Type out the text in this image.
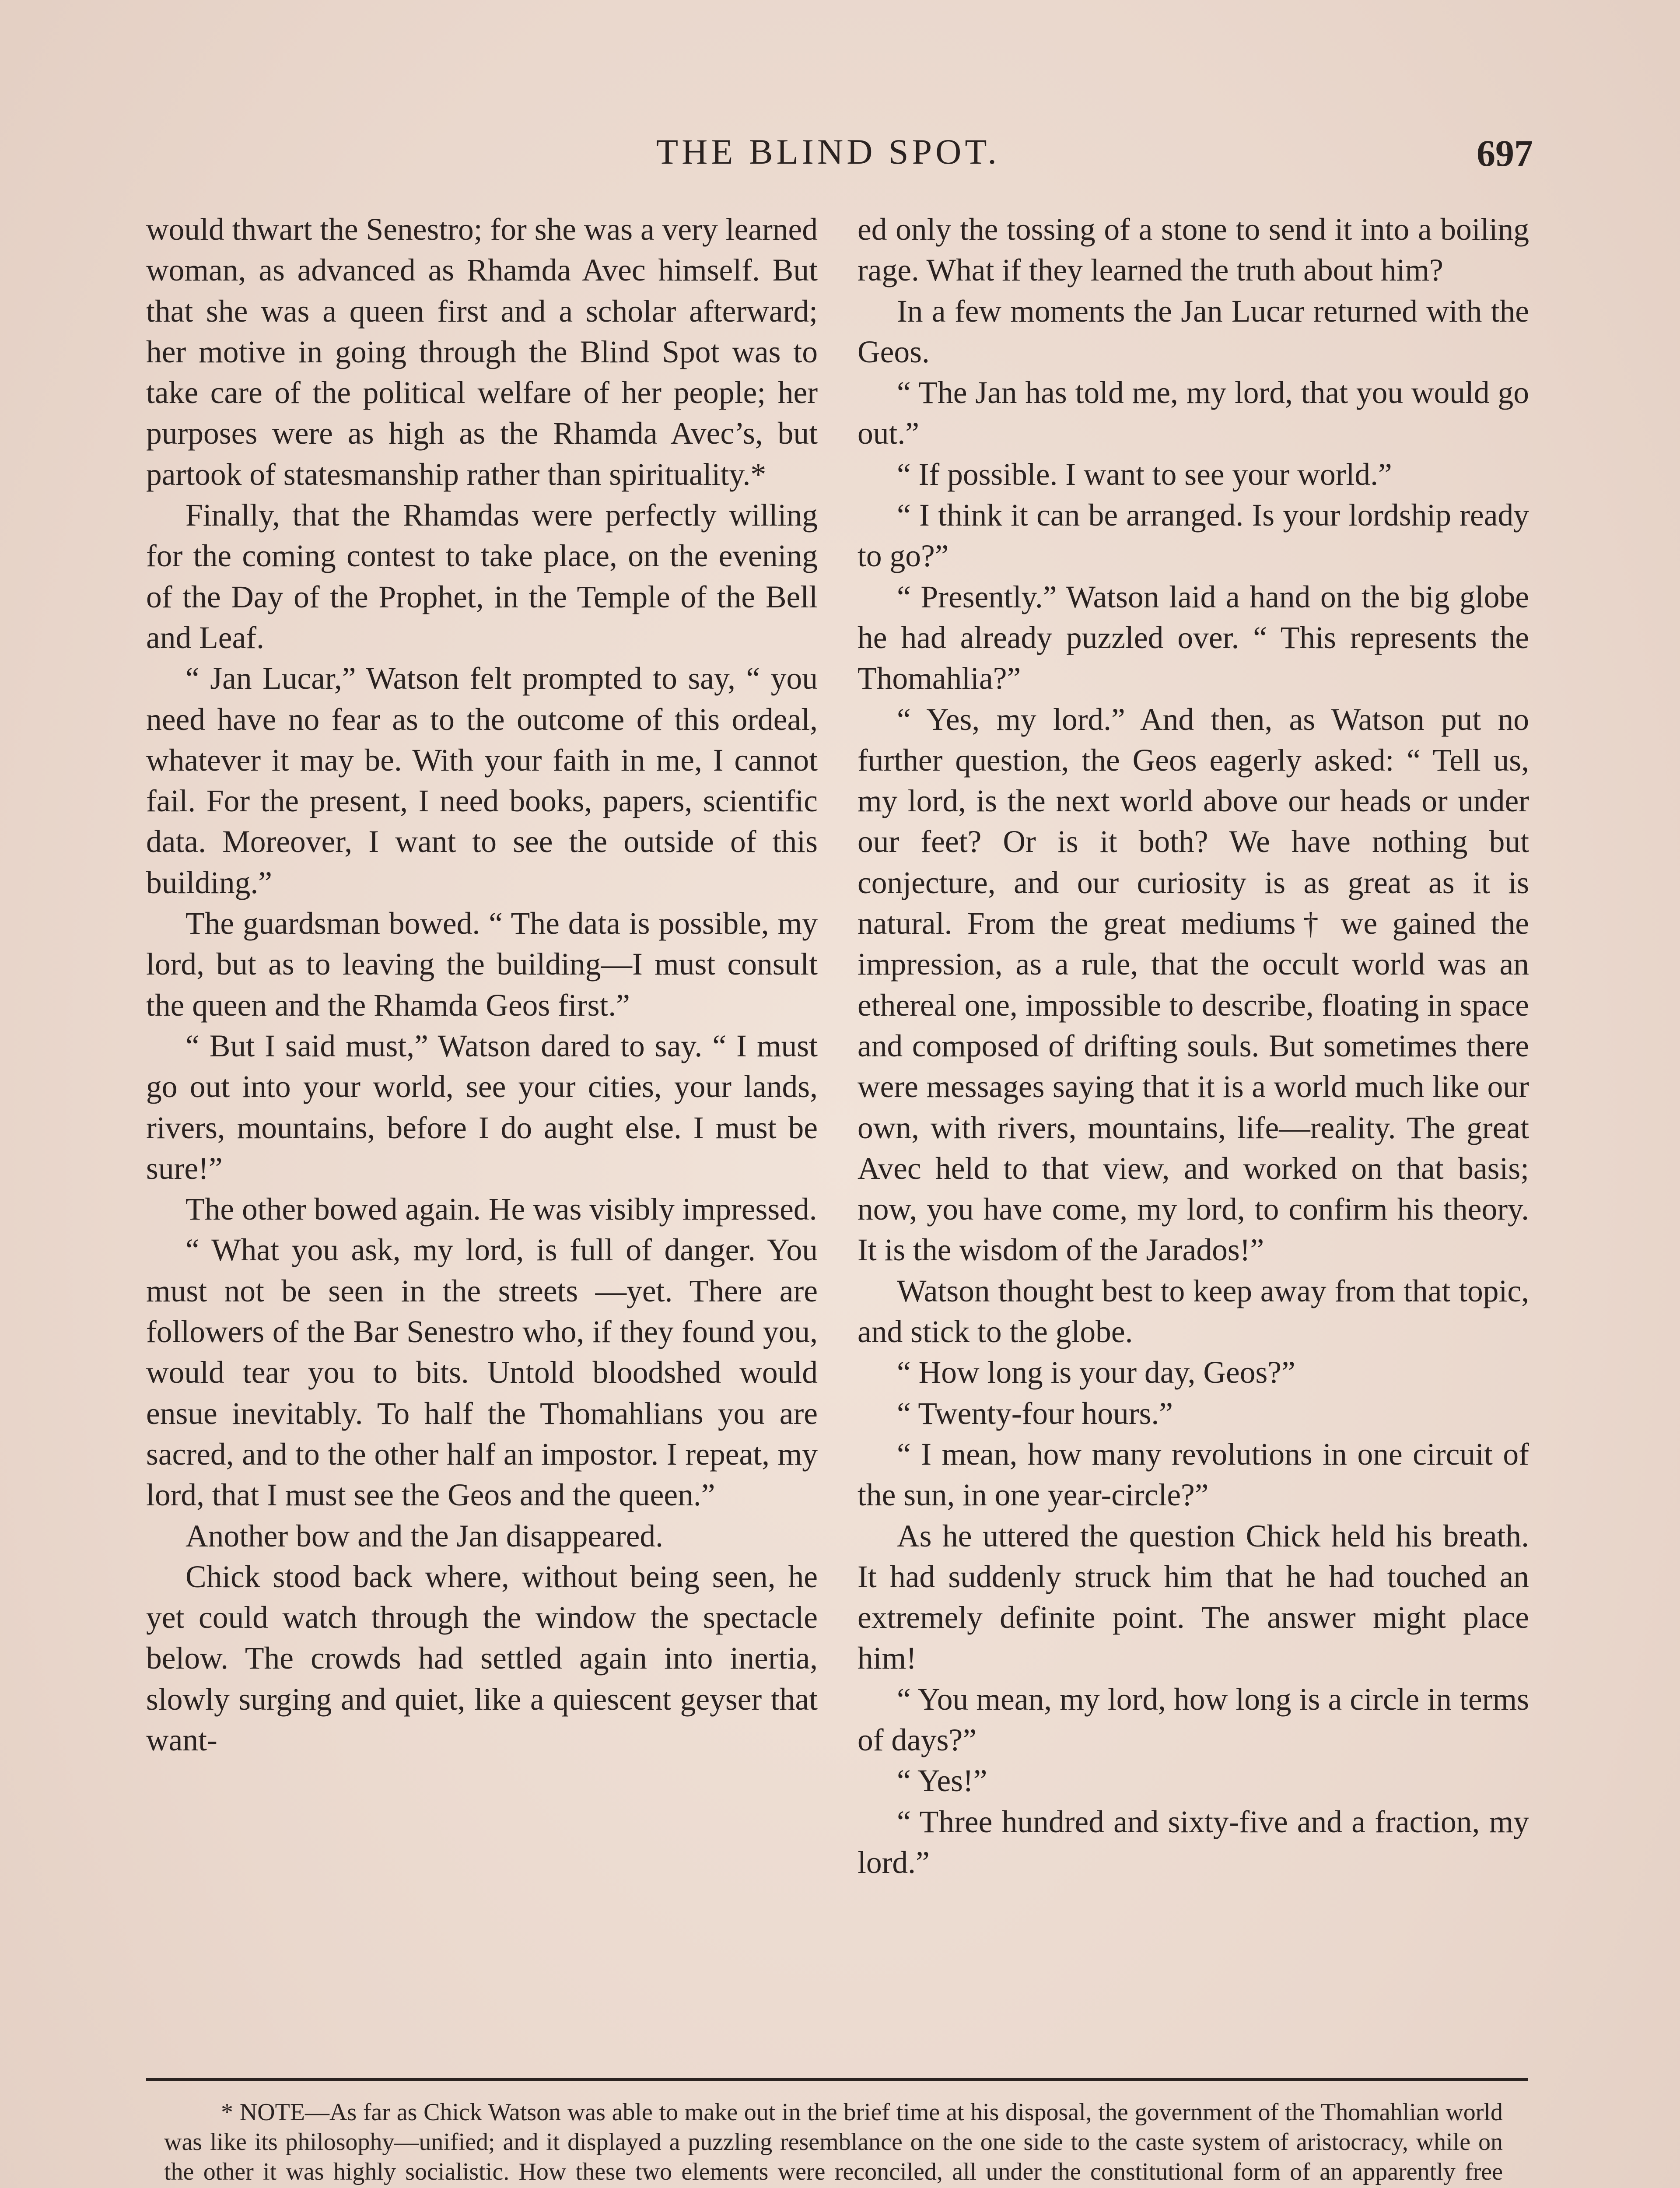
THE BLIND SPOT.	697

would thwart the Senestro; for she was a very learned woman, as advanced as Rhamda Avec himself. But that she was a queen first and a scholar afterward; her motive in going through the Blind Spot was to take care of the political welfare of her people; her purposes were as high as the Rhamda Avec’s, but partook of statesmanship rather than spirituality.*

Finally, that the Rhamdas were perfectly willing for the coming contest to take place, on the evening of the Day of the Prophet, in the Temple of the Bell and Leaf.

“ Jan Lucar,” Watson felt prompted to say, “ you need have no fear as to the outcome of this ordeal, whatever it may be. With your faith in me, I cannot fail. For the present, I need books, papers, scientific data. Moreover, I want to see the outside of this building.”

The guardsman bowed. “ The data is possible, my lord, but as to leaving the building—I must consult the queen and the Rhamda Geos first.”

“ But I said must,” Watson dared to say. “ I must go out into your world, see your cities, your lands, rivers, mountains, before I do aught else. I must be sure!”

The other bowed again. He was visibly impressed.

“ What you ask, my lord, is full of danger. You must not be seen in the streets —yet. There are followers of the Bar Senestro who, if they found you, would tear you to bits. Untold bloodshed would ensue inevitably. To half the Thomahlians you are sacred, and to the other half an impostor. I repeat, my lord, that I must see the Geos and the queen.”

Another bow and the Jan disappeared.

Chick stood back where, without being seen, he yet could watch through the window the spectacle below. The crowds had settled again into inertia, slowly surging and quiet, like a quiescent geyser that want-

ed only the tossing of a stone to send it into a boiling rage. What if they learned the truth about him?

In a few moments the Jan Lucar returned with the Geos.

“ The Jan has told me, my lord, that you would go out.”

“ If possible. I want to see your world.”

“ I think it can be arranged. Is your lordship ready to go?”

“ Presently.” Watson laid a hand on the big globe he had already puzzled over. “ This represents the Thomahlia?”

“ Yes, my lord.” And then, as Watson put no further question, the Geos eagerly asked: “ Tell us, my lord, is the next world above our heads or under our feet? Or is it both? We have nothing but conjecture, and our curiosity is as great as it is natural. From the great mediums† we gained the impression, as a rule, that the occult world was an ethereal one, impossible to describe, floating in space and composed of drifting souls. But sometimes there were messages saying that it is a world much like our own, with rivers, mountains, life—reality. The great Avec held to that view, and worked on that basis; now, you have come, my lord, to confirm his theory. It is the wisdom of the Jarados!”

Watson thought best to keep away from that topic, and stick to the globe.

“ How long is your day, Geos?”

“ Twenty-four hours.”

“ I mean, how many revolutions in one circuit of the sun, in one year-circle?”

As he uttered the question Chick held his breath. It had suddenly struck him that he had touched an extremely definite point. The answer might place him!

“ You mean, my lord, how long is a circle in terms of days?”

“ Yes!”

“ Three hundred and sixty-five and a fraction, my lord.”

* NOTE—As far as Chick Watson was able to make out in the brief time at his disposal, the government of the Thomahlian world was like its philosophy—unified; and it displayed a puzzling resemblance on the one side to the caste system of aristocracy, while on the other it was highly socialistic. How these two elements were reconciled, all under the constitutional form of an apparently free
